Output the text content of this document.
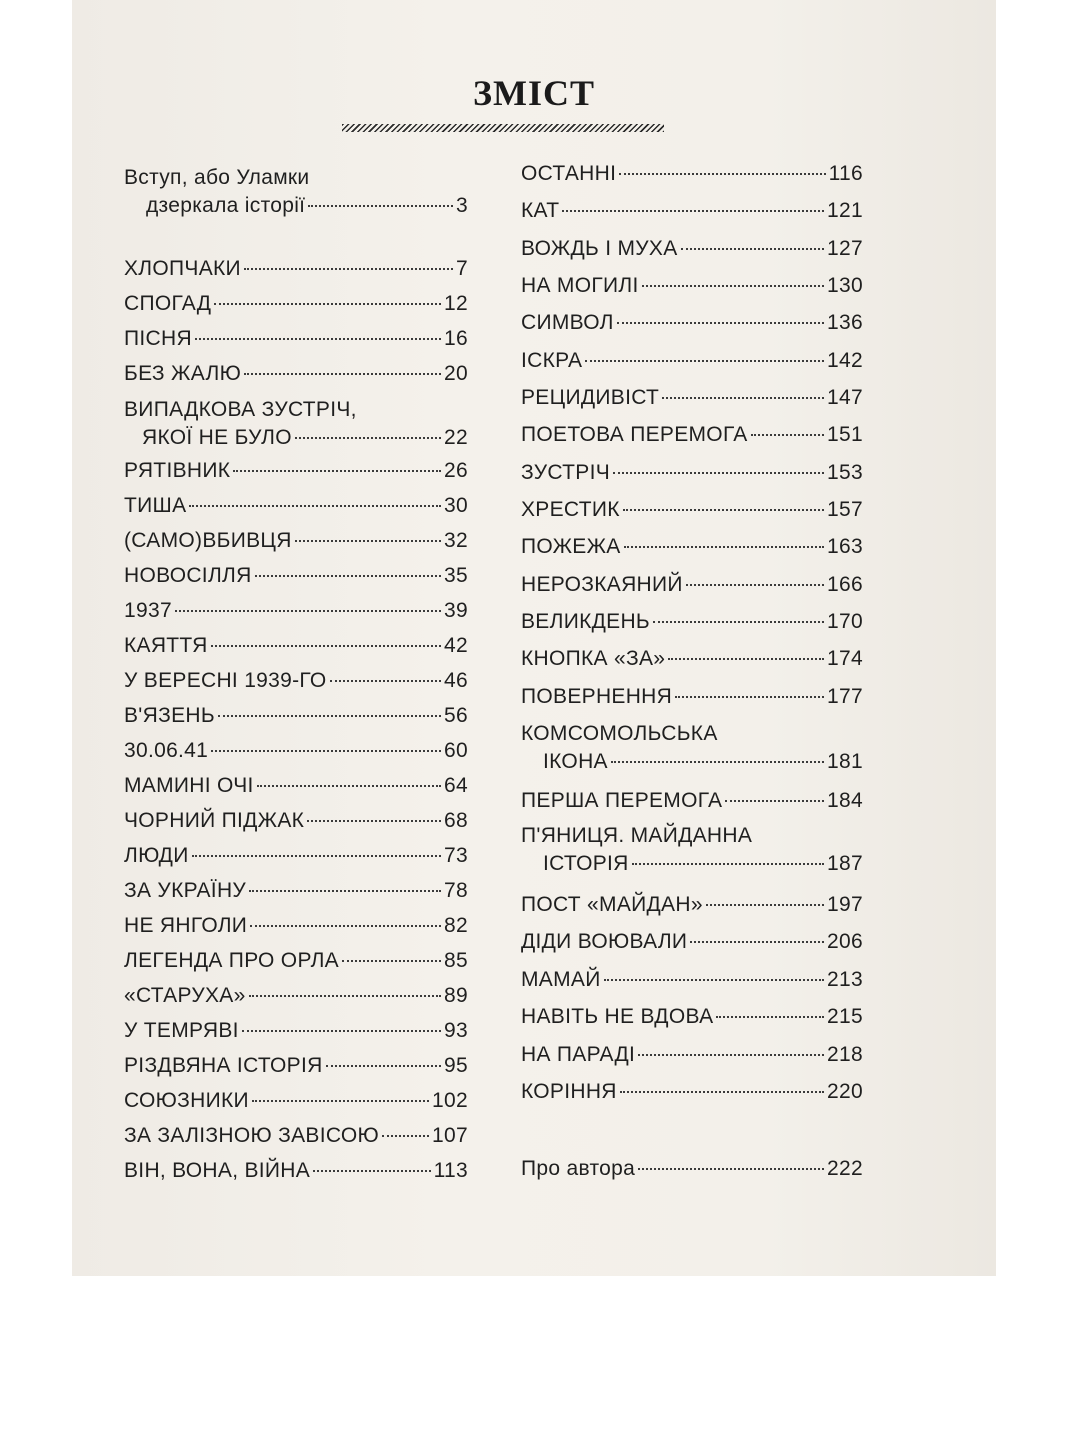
ЗМІСТ
Вступ, або Уламки
дзеркала історії	3
ХЛОПЧАКИ	7
СПОГАД	12
ПІСНЯ	16
БЕЗ ЖАЛЮ	20
ВИПАДКОВА ЗУСТРІЧ,
ЯКОЇ НЕ БУЛО	22
РЯТІВНИК	26
ТИША	30
(САМО)ВБИВЦЯ	32
НОВОСІЛЛЯ	35
1937	39
КАЯТТЯ	42
У ВЕРЕСНІ 1939-ГО	46
В'ЯЗЕНЬ	56
30.06.41	60
МАМИНІ ОЧІ	64
ЧОРНИЙ ПІДЖАК	68
ЛЮДИ	73
ЗА УКРАЇНУ	78
НЕ ЯНГОЛИ	82
ЛЕГЕНДА ПРО ОРЛА	85
«СТАРУХА»	89
У ТЕМРЯВІ	93
РІЗДВЯНА ІСТОРІЯ	95
СОЮЗНИКИ	102
ЗА ЗАЛІЗНОЮ ЗАВІСОЮ	107
ВІН, ВОНА, ВІЙНА	113
ОСТАННІ	116
КАТ	121
ВОЖДЬ І МУХА	127
НА МОГИЛІ	130
СИМВОЛ	136
ІСКРА	142
РЕЦИДИВІСТ	147
ПОЕТОВА ПЕРЕМОГА	151
ЗУСТРІЧ	153
ХРЕСТИК	157
ПОЖЕЖА	163
НЕРОЗКАЯНИЙ	166
ВЕЛИКДЕНЬ	170
КНОПКА «ЗА»	174
ПОВЕРНЕННЯ	177
КОМСОМОЛЬСЬКА
ІКОНА	181
ПЕРША ПЕРЕМОГА	184
П'ЯНИЦЯ. МАЙДАННА
ІСТОРІЯ	187
ПОСТ «МАЙДАН»	197
ДІДИ ВОЮВАЛИ	206
МАМАЙ	213
НАВІТЬ НЕ ВДОВА	215
НА ПАРАДІ	218
КОРІННЯ	220
Про автора	222
